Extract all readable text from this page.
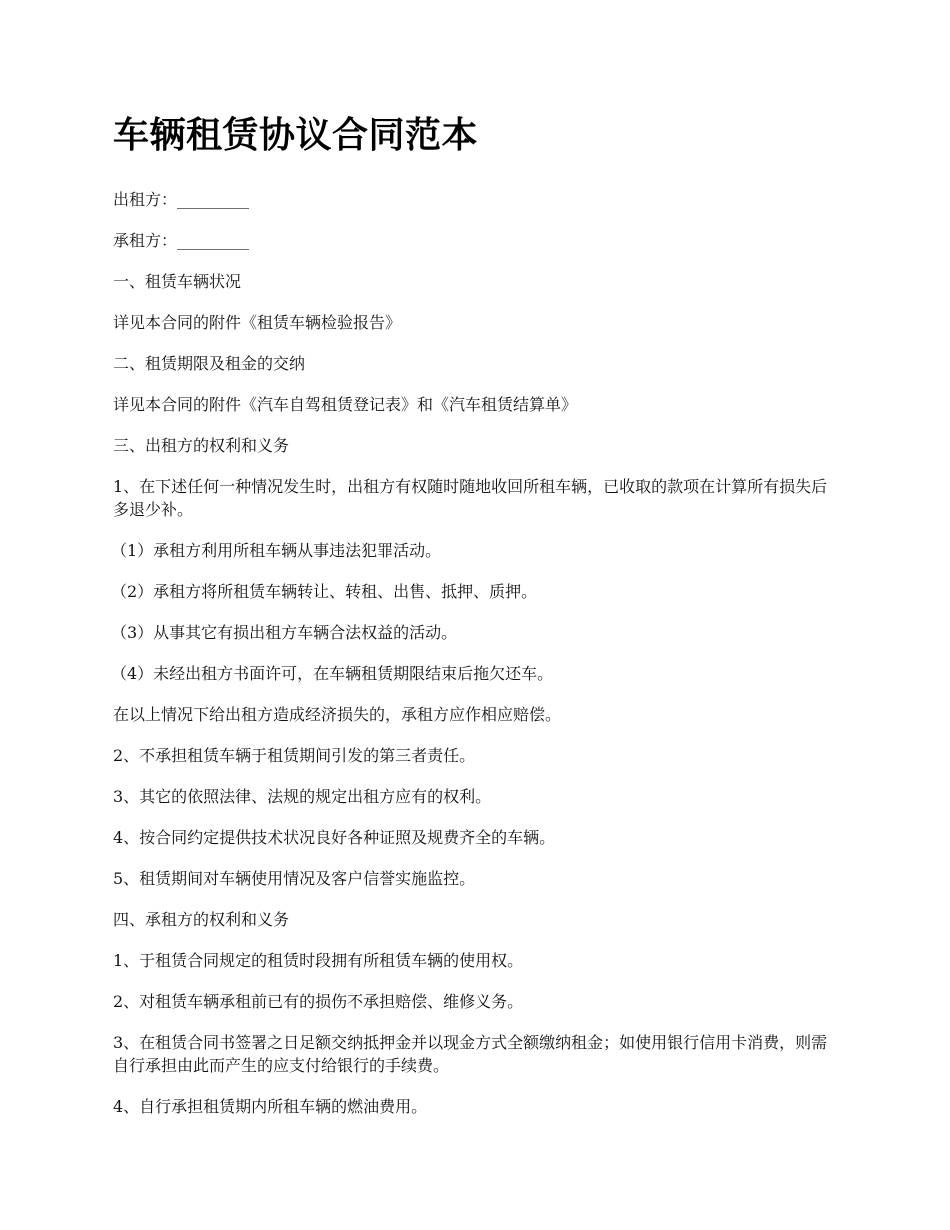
车辆租赁协议合同范本

出租方：_________

承租方：_________

一、租赁车辆状况

详见本合同的附件《租赁车辆检验报告》

二、租赁期限及租金的交纳

详见本合同的附件《汽车自驾租赁登记表》和《汽车租赁结算单》

三、出租方的权利和义务

1、在下述任何一种情况发生时，出租方有权随时随地收回所租车辆，已收取的款项在计算所有损失后多退少补。

（1）承租方利用所租车辆从事违法犯罪活动。

（2）承租方将所租赁车辆转让、转租、出售、抵押、质押。

（3）从事其它有损出租方车辆合法权益的活动。

（4）未经出租方书面许可，在车辆租赁期限结束后拖欠还车。

在以上情况下给出租方造成经济损失的，承租方应作相应赔偿。

2、不承担租赁车辆于租赁期间引发的第三者责任。

3、其它的依照法律、法规的规定出租方应有的权利。

4、按合同约定提供技术状况良好各种证照及规费齐全的车辆。

5、租赁期间对车辆使用情况及客户信誉实施监控。

四、承租方的权利和义务

1、于租赁合同规定的租赁时段拥有所租赁车辆的使用权。

2、对租赁车辆承租前已有的损伤不承担赔偿、维修义务。

3、在租赁合同书签署之日足额交纳抵押金并以现金方式全额缴纳租金；如使用银行信用卡消费，则需自行承担由此而产生的应支付给银行的手续费。

4、自行承担租赁期内所租车辆的燃油费用。
